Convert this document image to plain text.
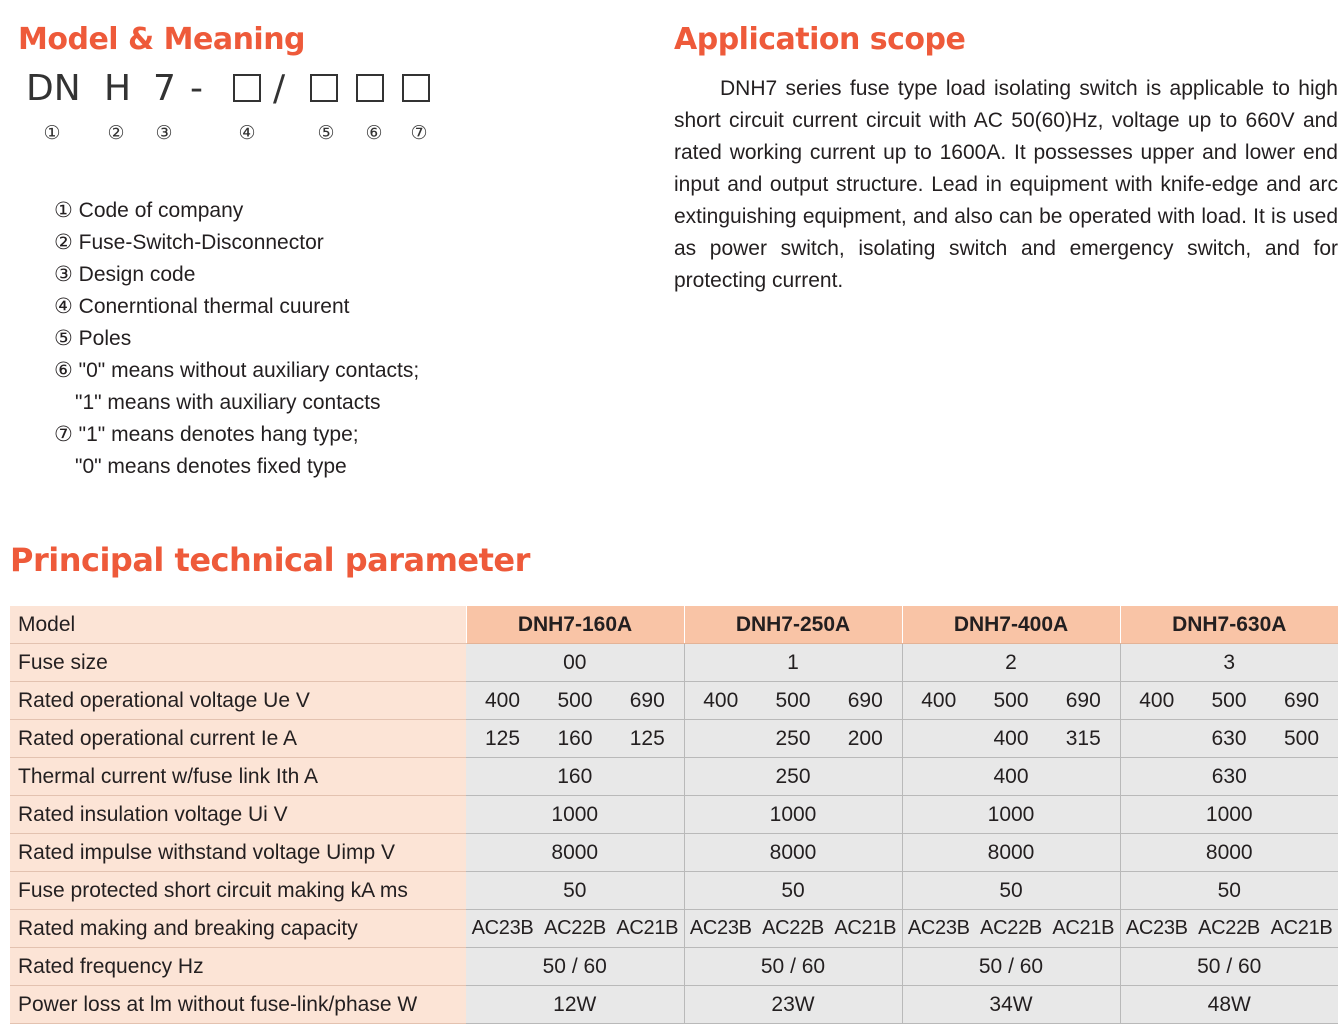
Model & Meaning
DN H 7 - /
① ② ③	④	⑤ ⑥ ⑦
① Code of company
② Fuse-Switch-Disconnector
③ Design code
④ Conerntional thermal cuurent
⑤ Poles
⑥ "0" means without auxiliary contacts;
"1" means with auxiliary contacts
⑦ "1" means denotes hang type;
"0" means denotes fixed type
Application scope

DNH7 series fuse type load isolating switch is applicable to high short circuit current circuit with AC 50(60)Hz, voltage up to 660V and rated working current up to 1600A. It possesses upper and lower end input and output structure. Lead in equipment with knife-edge and arc extinguishing equipment, and also can be operated with load. It is used as power switch, isolating switch and emergency switch, and for protecting current.

Principal technical parameter
Model	DNH7-160A			DNH7-250A			DNH7-400A			DNH7-630A		
Fuse size	00			1			2			3		
Rated operational voltage Ue V	400	500	690	400	500	690	400	500	690	400	500	690
Rated operational current Ie A	125	160	125		250	200		400	315		630	500
Thermal current w/fuse link Ith A	160			250			400			630		
Rated insulation voltage Ui V	1000			1000			1000			1000		
Rated impulse withstand voltage Uimp V	8000			8000			8000			8000		
Fuse protected short circuit making kA ms	50			50			50			50		
Rated making and breaking capacity	AC23B	AC22B	AC21B	AC23B	AC22B	AC21B	AC23B	AC22B	AC21B	AC23B	AC22B	AC21B
Rated frequency Hz	50 / 60			50 / 60			50 / 60			50 / 60		
Power loss at lm without fuse-link/phase W	12W			23W			34W			48W		
